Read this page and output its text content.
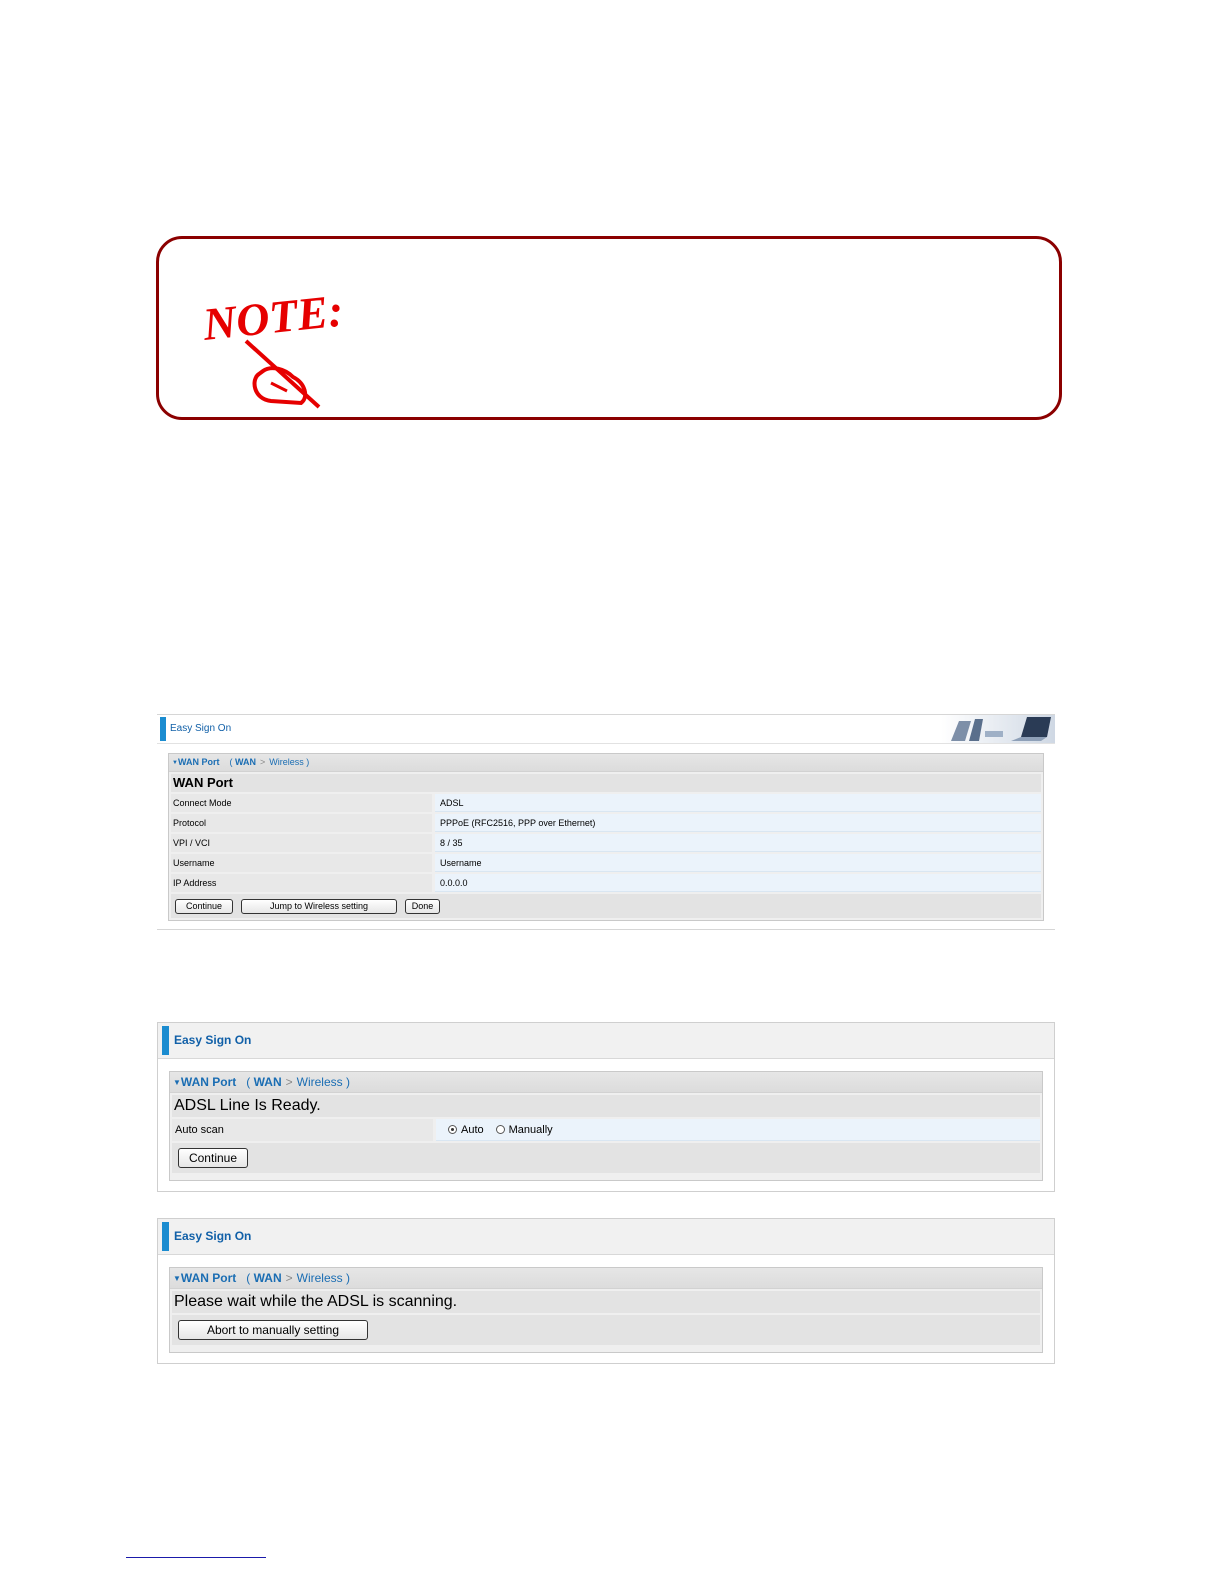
NOTE:
Easy Sign On
▼WAN Port ( WAN > Wireless )
WAN Port
Connect Mode	ADSL
Protocol	PPPoE (RFC2516, PPP over Ethernet)
VPI / VCI	8 / 35
Username	Username
IP Address	0.0.0.0
Continue	Jump to Wireless setting	Done
Easy Sign On
▼WAN Port ( WAN > Wireless )
ADSL Line Is Ready.
Auto scan	Auto Manually
Continue
Easy Sign On
▼WAN Port ( WAN > Wireless )
Please wait while the ADSL is scanning.
Abort to manually setting
